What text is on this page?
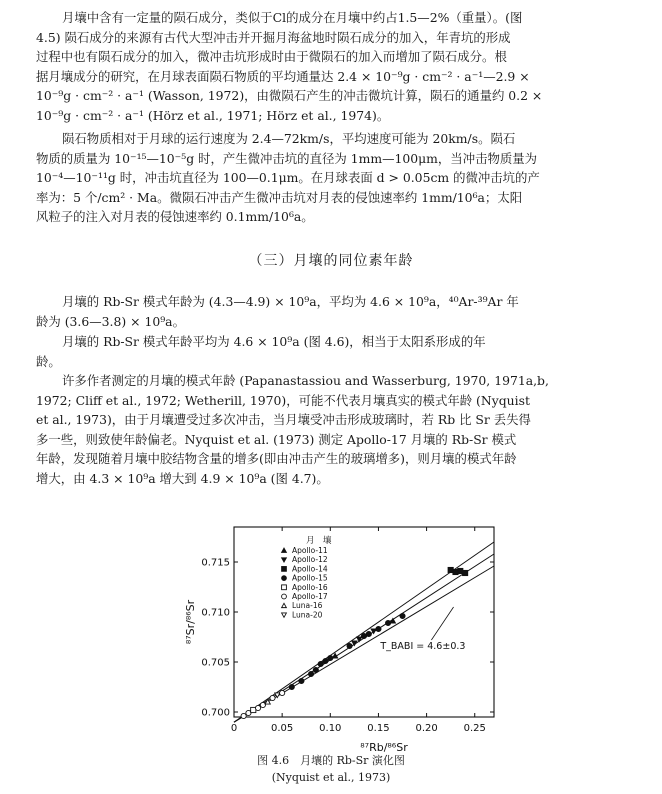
月壤中含有一定量的陨石成分，类似于Cl的成分在月壤中约占1.5—2%（重量）。(图
4.5) 陨石成分的来源有古代大型冲击并开掘月海盆地时陨石成分的加入，年青坑的形成
过程中也有陨石成分的加入，微冲击坑形成时由于微陨石的加入而增加了陨石成分。根
据月壤成分的研究，在月球表面陨石物质的平均通量达 2.4 × 10⁻⁹g · cm⁻² · a⁻¹—2.9 ×
10⁻⁹g · cm⁻² · a⁻¹ (Wasson, 1972)，由微陨石产生的冲击微坑计算，陨石的通量约 0.2 ×
10⁻⁹g · cm⁻² · a⁻¹ (Hörz et al., 1971; Hörz et al., 1974)。
陨石物质相对于月球的运行速度为 2.4—72km/s，平均速度可能为 20km/s。陨石
物质的质量为 10⁻¹⁵—10⁻⁵g 时，产生微冲击坑的直径为 1mm—100μm，当冲击物质量为
10⁻⁴—10⁻¹¹g 时，冲击坑直径为 100—0.1μm。在月球表面 d > 0.05cm 的微冲击坑的产
率为：5 个/cm² · Ma。微陨石冲击产生微冲击坑对月表的侵蚀速率约 1mm/10⁶a；太阳
风粒子的注入对月表的侵蚀速率约 0.1mm/10⁶a。
（三）月壤的同位素年龄
月壤的 Rb-Sr 模式年龄为 (4.3—4.9) × 10⁹a，平均为 4.6 × 10⁹a，⁴⁰Ar-³⁹Ar 年
龄为 (3.6—3.8) × 10⁹a。
月壤的 Rb-Sr 模式年龄平均为 4.6 × 10⁹a (图 4.6)，相当于太阳系形成的年
龄。
许多作者测定的月壤的模式年龄 (Papanastassiou and Wasserburg, 1970, 1971a,b,
1972; Cliff et al., 1972; Wetherill, 1970)，可能不代表月壤真实的模式年龄 (Nyquist
et al., 1973)，由于月壤遭受过多次冲击，当月壤受冲击形成玻璃时，若 Rb 比 Sr 丢失得
多一些，则致使年龄偏老。Nyquist et al. (1973) 测定 Apollo-17 月壤的 Rb-Sr 模式
年龄，发现随着月壤中胶结物含量的增多(即由冲击产生的玻璃增多)，则月壤的模式年龄
增大，由 4.3 × 10⁹a 增大到 4.9 × 10⁹a (图 4.7)。
0	0.05	0.10	0.15	0.20	0.25
0.700
0.705
0.710
0.715
⁸⁷Rb/⁸⁶Sr
⁸⁷Sr/⁸⁶Sr
月　壤
Apollo-11
Apollo-12
Apollo-14
Apollo-15
Apollo-16
Apollo-17
Luna-16
Luna-20
T_BABI = 4.6±0.3
图 4.6　月壤的 Rb-Sr 演化图
(Nyquist et al., 1973)
